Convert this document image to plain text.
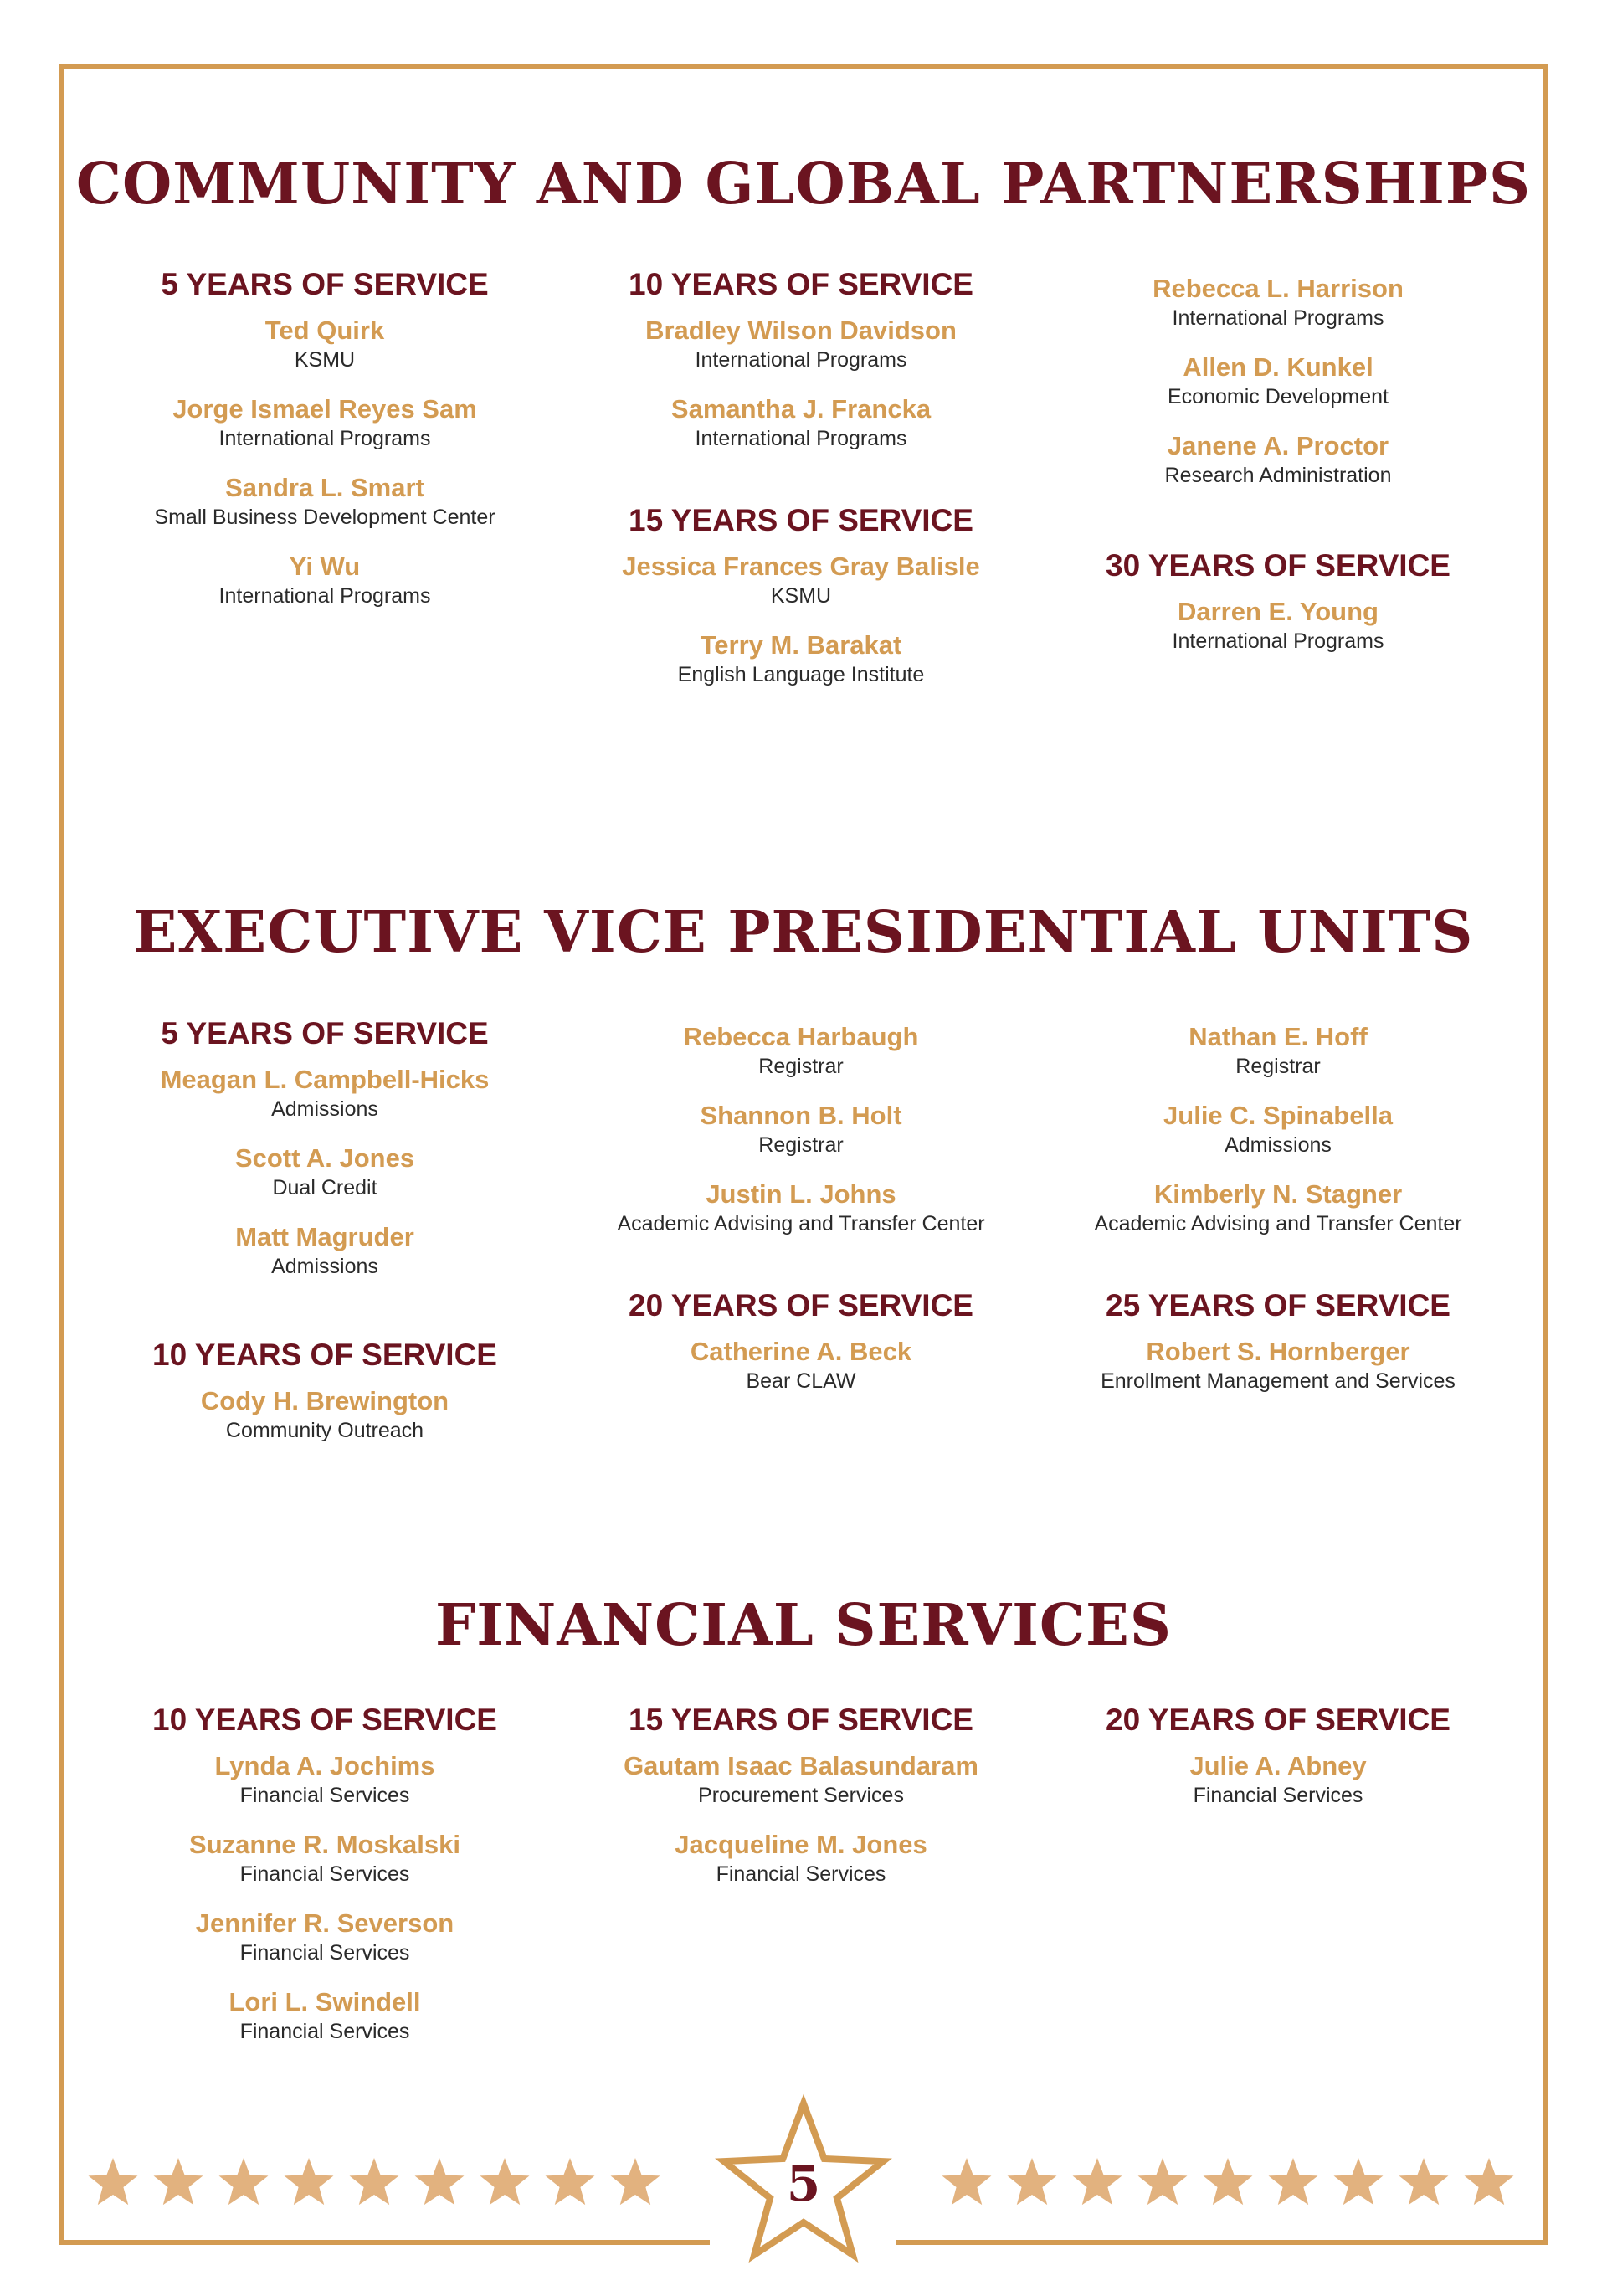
COMMUNITY AND GLOBAL PARTNERSHIPS
5 YEARS OF SERVICE
Ted Quirk
KSMU
Jorge Ismael Reyes Sam
International Programs
Sandra L. Smart
Small Business Development Center
Yi Wu
International Programs
10 YEARS OF SERVICE
Bradley Wilson Davidson
International Programs
Samantha J. Francka
International Programs
15 YEARS OF SERVICE
Jessica Frances Gray Balisle
KSMU
Terry M. Barakat
English Language Institute
Rebecca L. Harrison
International Programs
Allen D. Kunkel
Economic Development
Janene A. Proctor
Research Administration
30 YEARS OF SERVICE
Darren E. Young
International Programs
EXECUTIVE VICE PRESIDENTIAL UNITS
5 YEARS OF SERVICE
Meagan L. Campbell-Hicks
Admissions
Scott A. Jones
Dual Credit
Matt Magruder
Admissions
10 YEARS OF SERVICE
Cody H. Brewington
Community Outreach
Rebecca Harbaugh
Registrar
Shannon B. Holt
Registrar
Justin L. Johns
Academic Advising and Transfer Center
20 YEARS OF SERVICE
Catherine A. Beck
Bear CLAW
Nathan E. Hoff
Registrar
Julie C. Spinabella
Admissions
Kimberly N. Stagner
Academic Advising and Transfer Center
25 YEARS OF SERVICE
Robert S. Hornberger
Enrollment Management and Services
FINANCIAL SERVICES
10 YEARS OF SERVICE
Lynda A. Jochims
Financial Services
Suzanne R. Moskalski
Financial Services
Jennifer R. Severson
Financial Services
Lori L. Swindell
Financial Services
15 YEARS OF SERVICE
Gautam Isaac Balasundaram
Procurement Services
Jacqueline M. Jones
Financial Services
20 YEARS OF SERVICE
Julie A. Abney
Financial Services
5
